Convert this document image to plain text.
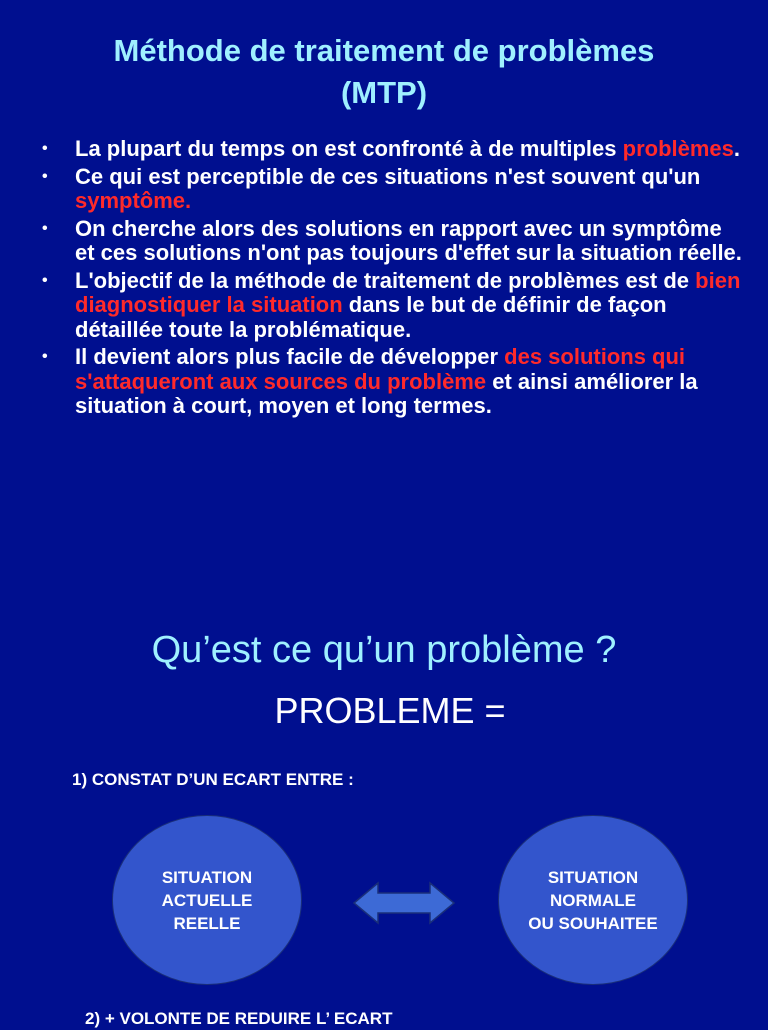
Méthode de traitement de problèmes
(MTP)
• La plupart du temps on est confronté à de multiples problèmes.
• Ce qui est perceptible de ces situations n'est souvent qu'un symptôme.
• On cherche alors des solutions en rapport avec un symptôme et ces solutions n'ont pas toujours d'effet sur la situation réelle.
• L'objectif de la méthode de traitement de problèmes est de bien diagnostiquer la situation dans le but de définir de façon détaillée toute la problématique.
• Il devient alors plus facile de développer des solutions qui s'attaqueront aux sources du problème et ainsi améliorer la situation à court, moyen et long termes.
Qu’est ce qu’un problème ?
PROBLEME =
1) CONSTAT D’UN ECART ENTRE :
SITUATION
ACTUELLE
REELLE
SITUATION
NORMALE
OU SOUHAITEE
2) + VOLONTE DE REDUIRE L’ ECART
